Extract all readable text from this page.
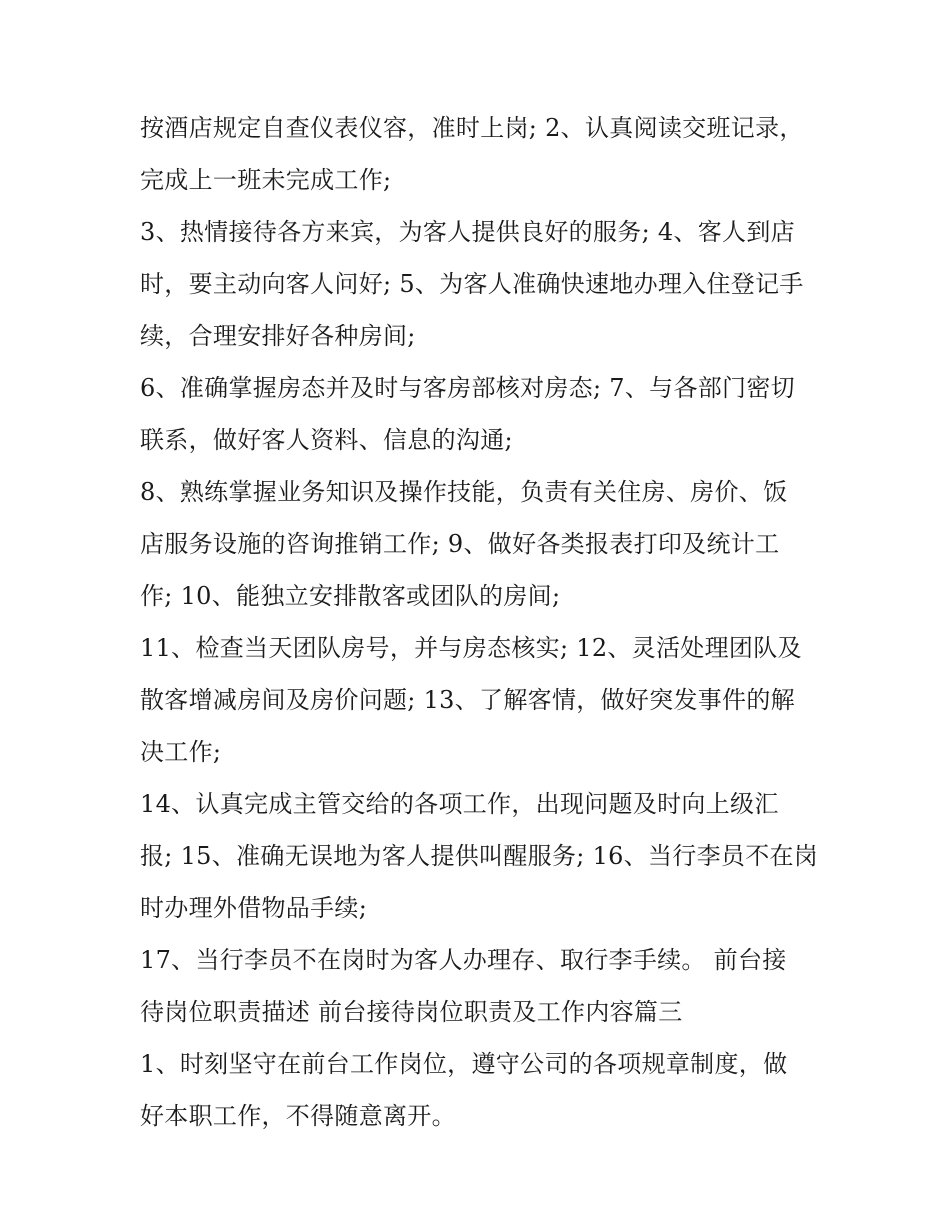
按酒店规定自查仪表仪容，准时上岗; 2、认真阅读交班记录，
完成上一班未完成工作;
3、热情接待各方来宾，为客人提供良好的服务; 4、客人到店
时，要主动向客人问好; 5、为客人准确快速地办理入住登记手
续，合理安排好各种房间;
6、准确掌握房态并及时与客房部核对房态; 7、与各部门密切
联系，做好客人资料、信息的沟通;
8、熟练掌握业务知识及操作技能，负责有关住房、房价、饭
店服务设施的咨询推销工作; 9、做好各类报表打印及统计工
作; 10、能独立安排散客或团队的房间;
11、检查当天团队房号，并与房态核实; 12、灵活处理团队及
散客增减房间及房价问题; 13、了解客情，做好突发事件的解
决工作;
14、认真完成主管交给的各项工作，出现问题及时向上级汇
报; 15、准确无误地为客人提供叫醒服务; 16、当行李员不在岗
时办理外借物品手续;
17、当行李员不在岗时为客人办理存、取行李手续。 前台接
待岗位职责描述 前台接待岗位职责及工作内容篇三
1、时刻坚守在前台工作岗位，遵守公司的各项规章制度，做
好本职工作，不得随意离开。
